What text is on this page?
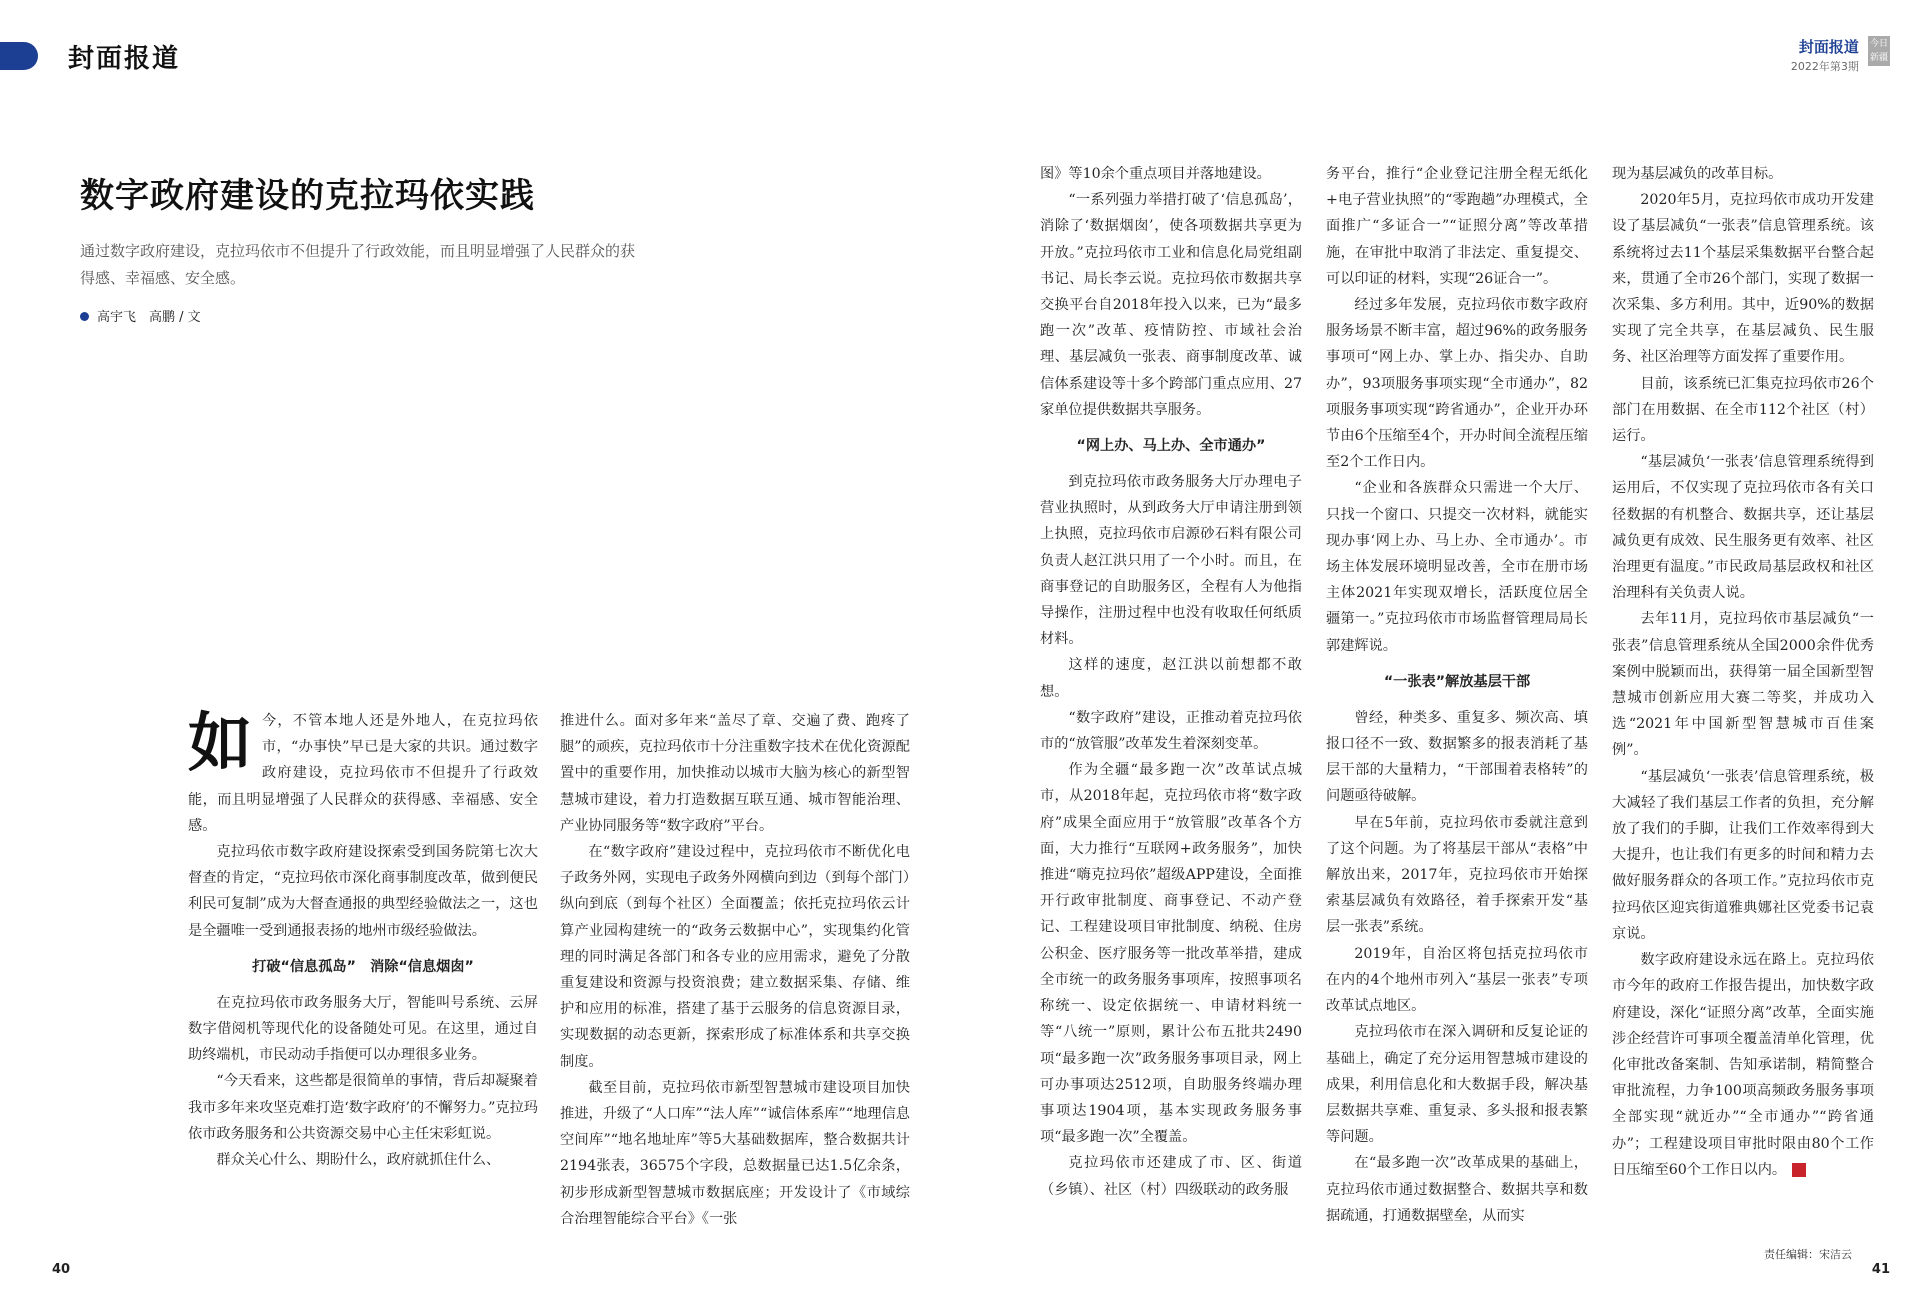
封面报道	封面报道
2022年第3期
今日新疆
数字政府建设的克拉玛依实践
通过数字政府建设，克拉玛依市不但提升了行政效能，而且明显增强了人民群众的获得感、幸福感、安全感。
高宇飞　高鹏 / 文
如 今，不管本地人还是外地人，在克拉玛依市，“办事快”早已是大家的共识。通过数字政府建设，克拉玛依市不但提升了行政效能，而且明显增强了人民群众的获得感、幸福感、安全感。

克拉玛依市数字政府建设探索受到国务院第七次大督查的肯定，“克拉玛依市深化商事制度改革，做到便民利民可复制”成为大督查通报的典型经验做法之一，这也是全疆唯一受到通报表扬的地州市级经验做法。

打破“信息孤岛”　消除“信息烟囱”

在克拉玛依市政务服务大厅，智能叫号系统、云屏数字借阅机等现代化的设备随处可见。在这里，通过自助终端机，市民动动手指便可以办理很多业务。

“今天看来，这些都是很简单的事情，背后却凝聚着我市多年来攻坚克难打造‘数字政府’的不懈努力。”克拉玛依市政务服务和公共资源交易中心主任宋彩虹说。

群众关心什么、期盼什么，政府就抓住什么、

推进什么。面对多年来“盖尽了章、交遍了费、跑疼了腿”的顽疾，克拉玛依市十分注重数字技术在优化资源配置中的重要作用，加快推动以城市大脑为核心的新型智慧城市建设，着力打造数据互联互通、城市智能治理、产业协同服务等“数字政府”平台。

在“数字政府”建设过程中，克拉玛依市不断优化电子政务外网，实现电子政务外网横向到边（到每个部门）纵向到底（到每个社区）全面覆盖；依托克拉玛依云计算产业园构建统一的“政务云数据中心”，实现集约化管理的同时满足各部门和各专业的应用需求，避免了分散重复建设和资源与投资浪费；建立数据采集、存储、维护和应用的标准，搭建了基于云服务的信息资源目录，实现数据的动态更新，探索形成了标准体系和共享交换制度。

截至目前，克拉玛依市新型智慧城市建设项目加快推进，升级了“人口库”“法人库”“诚信体系库”“地理信息空间库”“地名地址库”等5大基础数据库，整合数据共计2194张表，36575个字段，总数据量已达1.5亿余条，初步形成新型智慧城市数据底座；开发设计了《市域综合治理智能综合平台》《一张

图》等10余个重点项目并落地建设。

“一系列强力举措打破了‘信息孤岛’，消除了‘数据烟囱’，使各项数据共享更为开放。”克拉玛依市工业和信息化局党组副书记、局长李云说。克拉玛依市数据共享交换平台自2018年投入以来，已为“最多跑一次”改革、疫情防控、市域社会治理、基层减负一张表、商事制度改革、诚信体系建设等十多个跨部门重点应用、27家单位提供数据共享服务。

“网上办、马上办、全市通办”

到克拉玛依市政务服务大厅办理电子营业执照时，从到政务大厅申请注册到领上执照，克拉玛依市启源砂石料有限公司负责人赵江洪只用了一个小时。而且，在商事登记的自助服务区，全程有人为他指导操作，注册过程中也没有收取任何纸质材料。

这样的速度，赵江洪以前想都不敢想。

“数字政府”建设，正推动着克拉玛依市的“放管服”改革发生着深刻变革。

作为全疆“最多跑一次”改革试点城市，从2018年起，克拉玛依市将“数字政府”成果全面应用于“放管服”改革各个方面，大力推行“互联网+政务服务”，加快推进“嗨克拉玛依”超级APP建设，全面推开行政审批制度、商事登记、不动产登记、工程建设项目审批制度、纳税、住房公积金、医疗服务等一批改革举措，建成全市统一的政务服务事项库，按照事项名称统一、设定依据统一、申请材料统一等“八统一”原则，累计公布五批共2490项“最多跑一次”政务服务事项目录，网上可办事项达2512项，自助服务终端办理事项达1904项，基本实现政务服务事项“最多跑一次”全覆盖。

克拉玛依市还建成了市、区、街道（乡镇）、社区（村）四级联动的政务服

务平台，推行“企业登记注册全程无纸化+电子营业执照”的“零跑趟”办理模式，全面推广“多证合一”“证照分离”等改革措施，在审批中取消了非法定、重复提交、可以印证的材料，实现“26证合一”。

经过多年发展，克拉玛依市数字政府服务场景不断丰富，超过96%的政务服务事项可“网上办、掌上办、指尖办、自助办”，93项服务事项实现“全市通办”，82项服务事项实现“跨省通办”，企业开办环节由6个压缩至4个，开办时间全流程压缩至2个工作日内。

“企业和各族群众只需进一个大厅、只找一个窗口、只提交一次材料，就能实现办事‘网上办、马上办、全市通办’。市场主体发展环境明显改善，全市在册市场主体2021年实现双增长，活跃度位居全疆第一。”克拉玛依市市场监督管理局局长郭建辉说。

“一张表”解放基层干部

曾经，种类多、重复多、频次高、填报口径不一致、数据繁多的报表消耗了基层干部的大量精力，“干部围着表格转”的问题亟待破解。

早在5年前，克拉玛依市委就注意到了这个问题。为了将基层干部从“表格”中解放出来，2017年，克拉玛依市开始探索基层减负有效路径，着手探索开发“基层一张表”系统。

2019年，自治区将包括克拉玛依市在内的4个地州市列入“基层一张表”专项改革试点地区。

克拉玛依市在深入调研和反复论证的基础上，确定了充分运用智慧城市建设的成果，利用信息化和大数据手段，解决基层数据共享难、重复录、多头报和报表繁等问题。

在“最多跑一次”改革成果的基础上，克拉玛依市通过数据整合、数据共享和数据疏通，打通数据壁垒，从而实

现为基层减负的改革目标。

2020年5月，克拉玛依市成功开发建设了基层减负“一张表”信息管理系统。该系统将过去11个基层采集数据平台整合起来，贯通了全市26个部门，实现了数据一次采集、多方利用。其中，近90%的数据实现了完全共享，在基层减负、民生服务、社区治理等方面发挥了重要作用。

目前，该系统已汇集克拉玛依市26个部门在用数据、在全市112个社区（村）运行。

“基层减负‘一张表’信息管理系统得到运用后，不仅实现了克拉玛依市各有关口径数据的有机整合、数据共享，还让基层减负更有成效、民生服务更有效率、社区治理更有温度。”市民政局基层政权和社区治理科有关负责人说。

去年11月，克拉玛依市基层减负“一张表”信息管理系统从全国2000余件优秀案例中脱颖而出，获得第一届全国新型智慧城市创新应用大赛二等奖，并成功入选“2021年中国新型智慧城市百佳案例”。

“基层减负‘一张表’信息管理系统，极大减轻了我们基层工作者的负担，充分解放了我们的手脚，让我们工作效率得到大大提升，也让我们有更多的时间和精力去做好服务群众的各项工作。”克拉玛依市克拉玛依区迎宾街道雅典娜社区党委书记袁京说。

数字政府建设永远在路上。克拉玛依市今年的政府工作报告提出，加快数字政府建设，深化“证照分离”改革，全面实施涉企经营许可事项全覆盖清单化管理，优化审批改备案制、告知承诺制，精简整合审批流程，力争100项高频政务服务事项全部实现“就近办”“全市通办”“跨省通办”；工程建设项目审批时限由80个工作日压缩至60个工作日以内。

40
责任编辑：宋洁云
41
